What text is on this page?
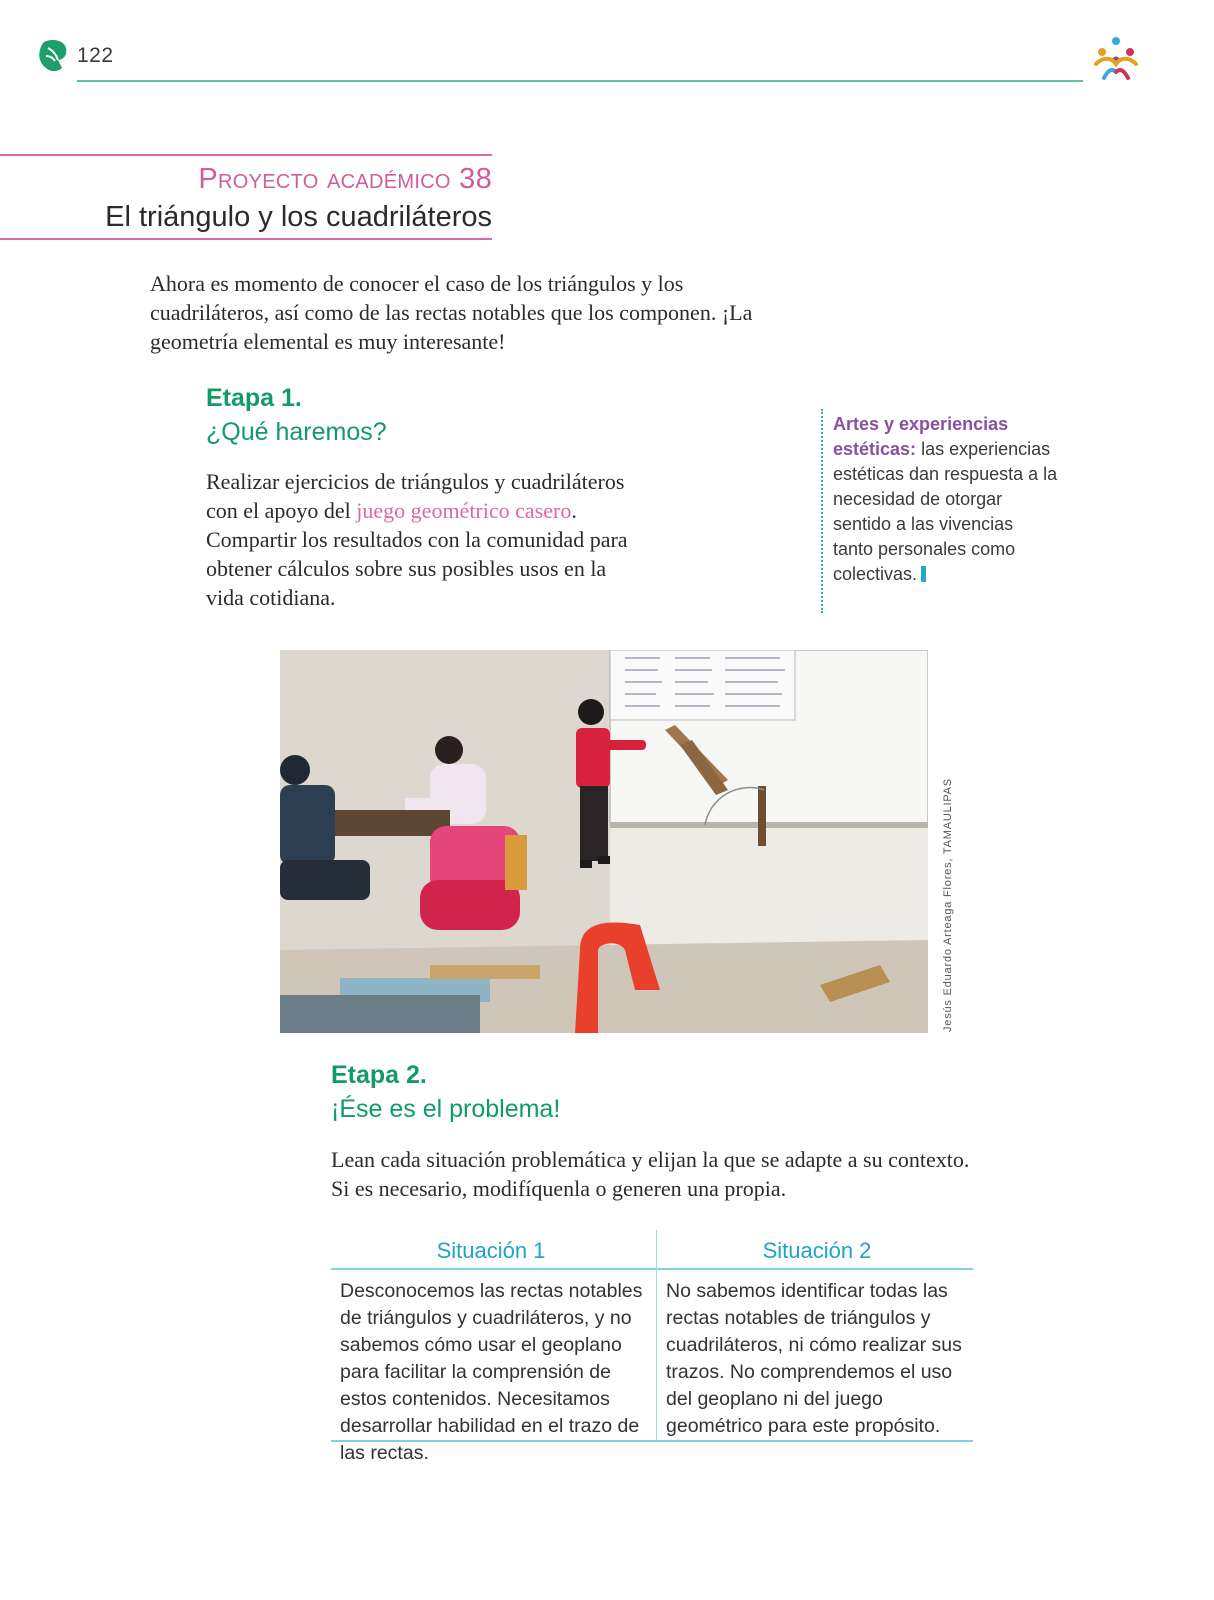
122
Proyecto académico 38
El triángulo y los cuadriláteros

Ahora es momento de conocer el caso de los triángulos y los cuadriláteros, así como de las rectas notables que los componen. ¡La geometría elemental es muy interesante!

Etapa 1.
¿Qué haremos?

Realizar ejercicios de triángulos y cuadriláteros con el apoyo del juego geométrico casero. Compartir los resultados con la comunidad para obtener cálculos sobre sus posibles usos en la vida cotidiana.

Artes y experiencias estéticas: las experiencias estéticas dan respuesta a la necesidad de otorgar sentido a las vivencias tanto personales como colectivas.

Jesús Eduardo Arteaga Flores, TAMAULIPAS
Etapa 2.
¡Ése es el problema!

Lean cada situación problemática y elijan la que se adapte a su contexto. Si es necesario, modifíquenla o generen una propia.

Situación 1	Situación 2

Desconocemos las rectas notables de triángulos y cuadriláteros, y no sabemos cómo usar el geoplano para facilitar la comprensión de estos contenidos. Necesitamos desarrollar habilidad en el trazo de las rectas.

No sabemos identificar todas las rectas notables de triángulos y cuadriláteros, ni cómo realizar sus trazos. No comprendemos el uso del geoplano ni del juego geométrico para este propósito.
